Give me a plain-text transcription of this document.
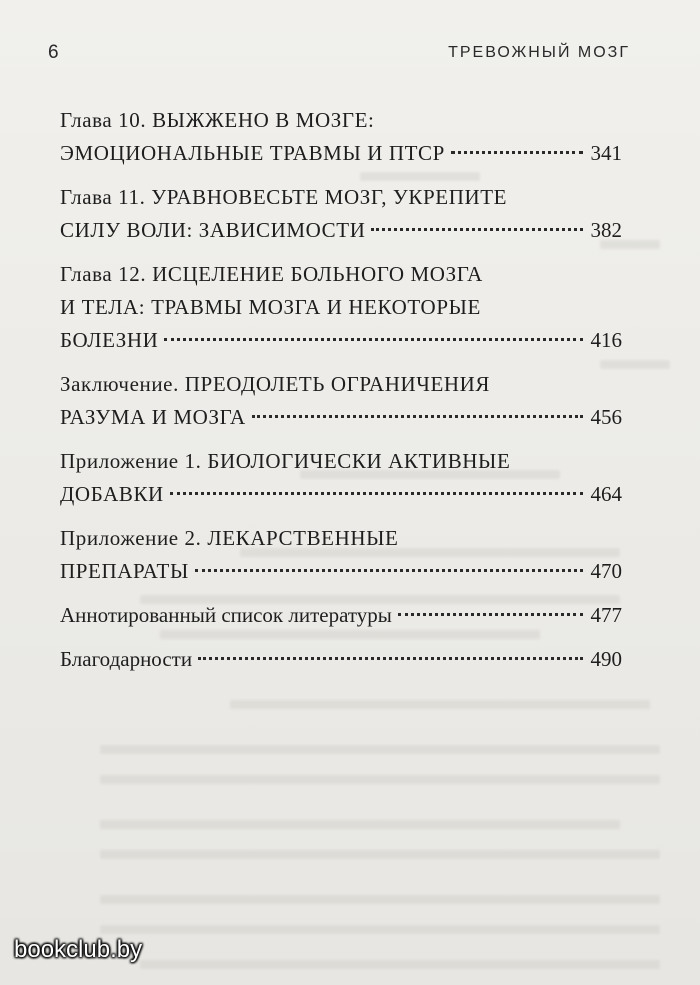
6	ТРЕВОЖНЫЙ МОЗГ
Глава 10. ВЫЖЖЕНО В МОЗГЕ:
ЭМОЦИОНАЛЬНЫЕ ТРАВМЫ И ПТСР	341
Глава 11. УРАВНОВЕСЬТЕ МОЗГ, УКРЕПИТЕ
СИЛУ ВОЛИ: ЗАВИСИМОСТИ	382
Глава 12. ИСЦЕЛЕНИЕ БОЛЬНОГО МОЗГА
И ТЕЛА: ТРАВМЫ МОЗГА И НЕКОТОРЫЕ
БОЛЕЗНИ	416
Заключение. ПРЕОДОЛЕТЬ ОГРАНИЧЕНИЯ
РАЗУМА И МОЗГА	456
Приложение 1. БИОЛОГИЧЕСКИ АКТИВНЫЕ
ДОБАВКИ	464
Приложение 2. ЛЕКАРСТВЕННЫЕ
ПРЕПАРАТЫ	470
Аннотированный список литературы	477
Благодарности	490
bookclub.by
